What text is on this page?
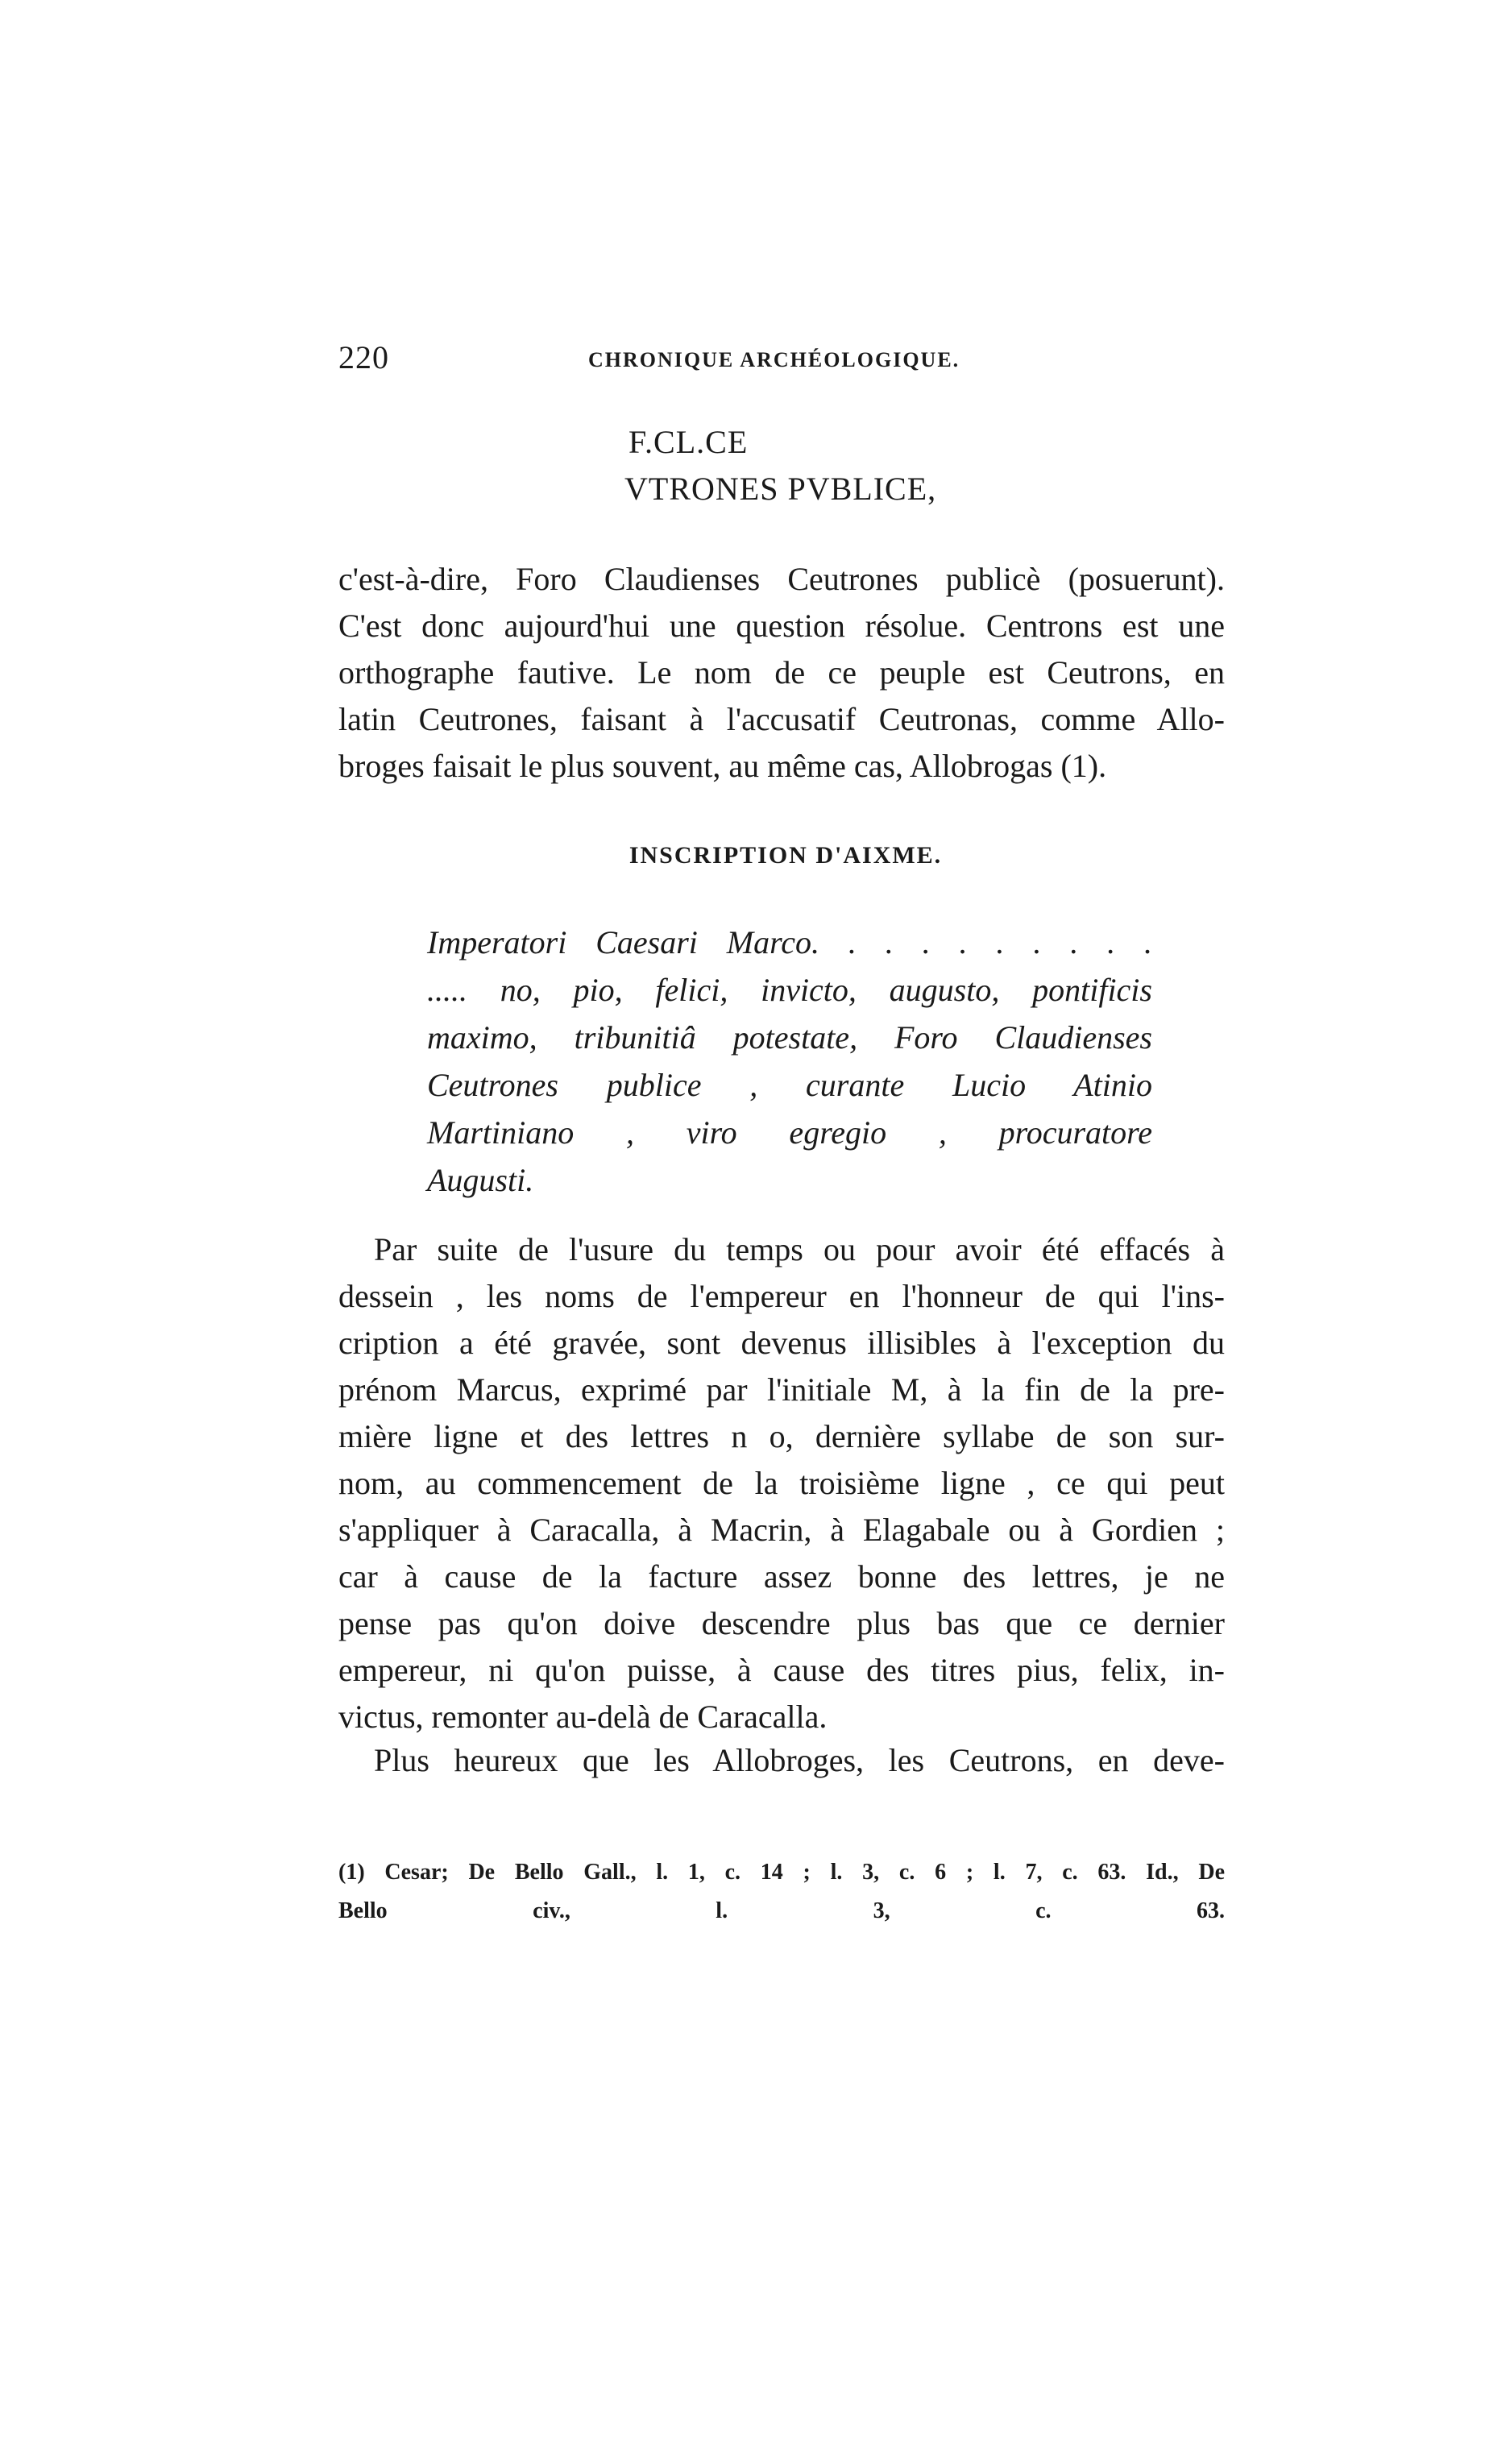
220	CHRONIQUE ARCHÉOLOGIQUE.
F.CL.CE
VTRONES PVBLICE,
c'est-à-dire, Foro Claudienses Ceutrones publicè (posuerunt).
C'est donc aujourd'hui une question résolue. Centrons est une
orthographe fautive. Le nom de ce peuple est Ceutrons, en
latin Ceutrones, faisant à l'accusatif Ceutronas, comme Allo-
broges faisait le plus souvent, au même cas, Allobrogas (1).
INSCRIPTION D'AIXME.
Imperatori Caesari Marco. . . . . . . . . .
..... no, pio, felici, invicto, augusto, pontificis
maximo, tribunitiâ potestate, Foro Claudienses
Ceutrones publice , curante Lucio Atinio
Martiniano , viro egregio , procuratore
Augusti.
Par suite de l'usure du temps ou pour avoir été effacés à
dessein , les noms de l'empereur en l'honneur de qui l'ins-
cription a été gravée, sont devenus illisibles à l'exception du
prénom Marcus, exprimé par l'initiale M, à la fin de la pre-
mière ligne et des lettres n o, dernière syllabe de son sur-
nom, au commencement de la troisième ligne , ce qui peut
s'appliquer à Caracalla, à Macrin, à Elagabale ou à Gordien ;
car à cause de la facture assez bonne des lettres, je ne
pense pas qu'on doive descendre plus bas que ce dernier
empereur, ni qu'on puisse, à cause des titres pius, felix, in-
victus, remonter au-delà de Caracalla.
Plus heureux que les Allobroges, les Ceutrons, en deve-
(1) Cesar; De Bello Gall., l. 1, c. 14 ; l. 3, c. 6 ; l. 7, c. 63. Id., De
Bello civ., l. 3, c. 63.
